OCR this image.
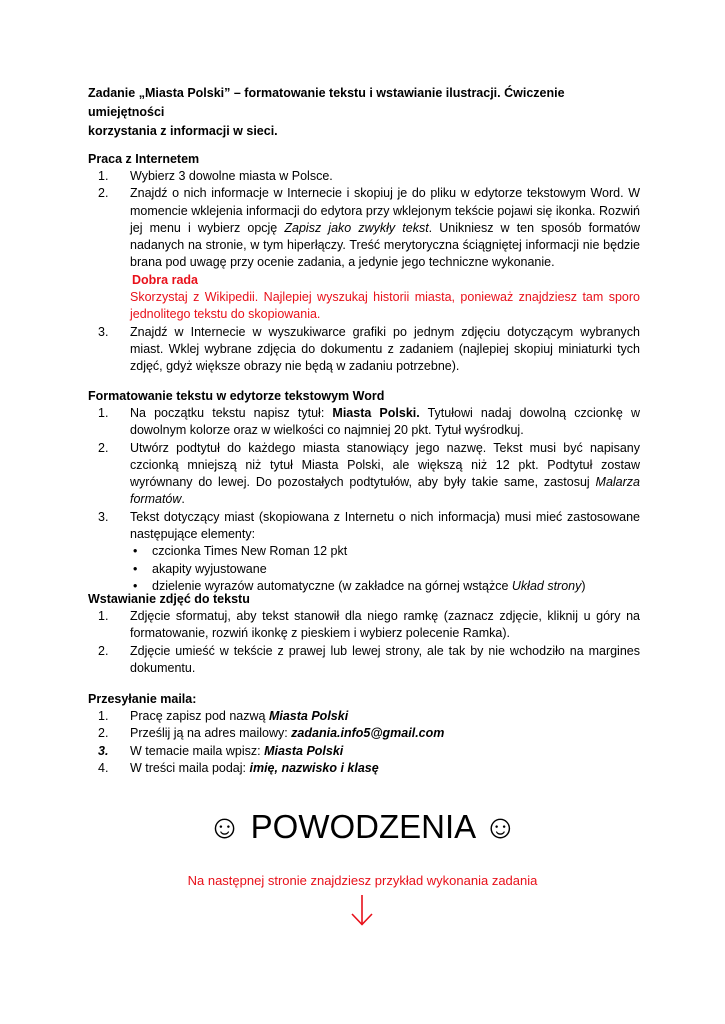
Zadanie „Miasta Polski” – formatowanie tekstu i wstawianie ilustracji. Ćwiczenie umiejętności
korzystania z informacji w sieci.
Praca z Internetem
1. Wybierz 3 dowolne miasta w Polsce.
2. Znajdź o nich informacje w Internecie i skopiuj je do pliku w edytorze tekstowym Word. W momencie wklejenia informacji do edytora przy wklejonym tekście pojawi się ikonka. Rozwiń jej menu i wybierz opcję Zapisz jako zwykły tekst. Unikniesz w ten sposób formatów nadanych na stronie, w tym hiperłączy. Treść merytoryczna ściągniętej informacji nie będzie brana pod uwagę przy ocenie zadania, a jedynie jego techniczne wykonanie.
Dobra rada
Skorzystaj z Wikipedii. Najlepiej wyszukaj historii miasta, ponieważ znajdziesz tam sporo jednolitego tekstu do skopiowania.
3. Znajdź w Internecie w wyszukiwarce grafiki po jednym zdjęciu dotyczącym wybranych miast. Wklej wybrane zdjęcia do dokumentu z zadaniem (najlepiej skopiuj miniaturki tych zdjęć, gdyż większe obrazy nie będą w zadaniu potrzebne).
Formatowanie tekstu w edytorze tekstowym Word
1. Na początku tekstu napisz tytuł: Miasta Polski. Tytułowi nadaj dowolną czcionkę w dowolnym kolorze oraz w wielkości co najmniej 20 pkt. Tytuł wyśrodkuj.
2. Utwórz podtytuł do każdego miasta stanowiący jego nazwę. Tekst musi być napisany czcionką mniejszą niż tytuł Miasta Polski, ale większą niż 12 pkt. Podtytuł zostaw wyrównany do lewej. Do pozostałych podtytułów, aby były takie same, zastosuj Malarza formatów.
3. Tekst dotyczący miast (skopiowana z Internetu o nich informacja) musi mieć zastosowane następujące elementy:
• czcionka Times New Roman 12 pkt
• akapity wyjustowane
• dzielenie wyrazów automatyczne (w zakładce na górnej wstążce Układ strony)
Wstawianie zdjęć do tekstu
1. Zdjęcie sformatuj, aby tekst stanowił dla niego ramkę (zaznacz zdjęcie, kliknij u góry na formatowanie, rozwiń ikonkę z pieskiem i wybierz polecenie Ramka).
2. Zdjęcie umieść w tekście z prawej lub lewej strony, ale tak by nie wchodziło na margines dokumentu.
Przesyłanie maila:
1. Pracę zapisz pod nazwą Miasta Polski
2. Prześlij ją na adres mailowy: zadania.info5@gmail.com
3. W temacie maila wpisz: Miasta Polski
4. W treści maila podaj: imię, nazwisko i klasę
☺ POWODZENIA ☺
Na następnej stronie znajdziesz przykład wykonania zadania
